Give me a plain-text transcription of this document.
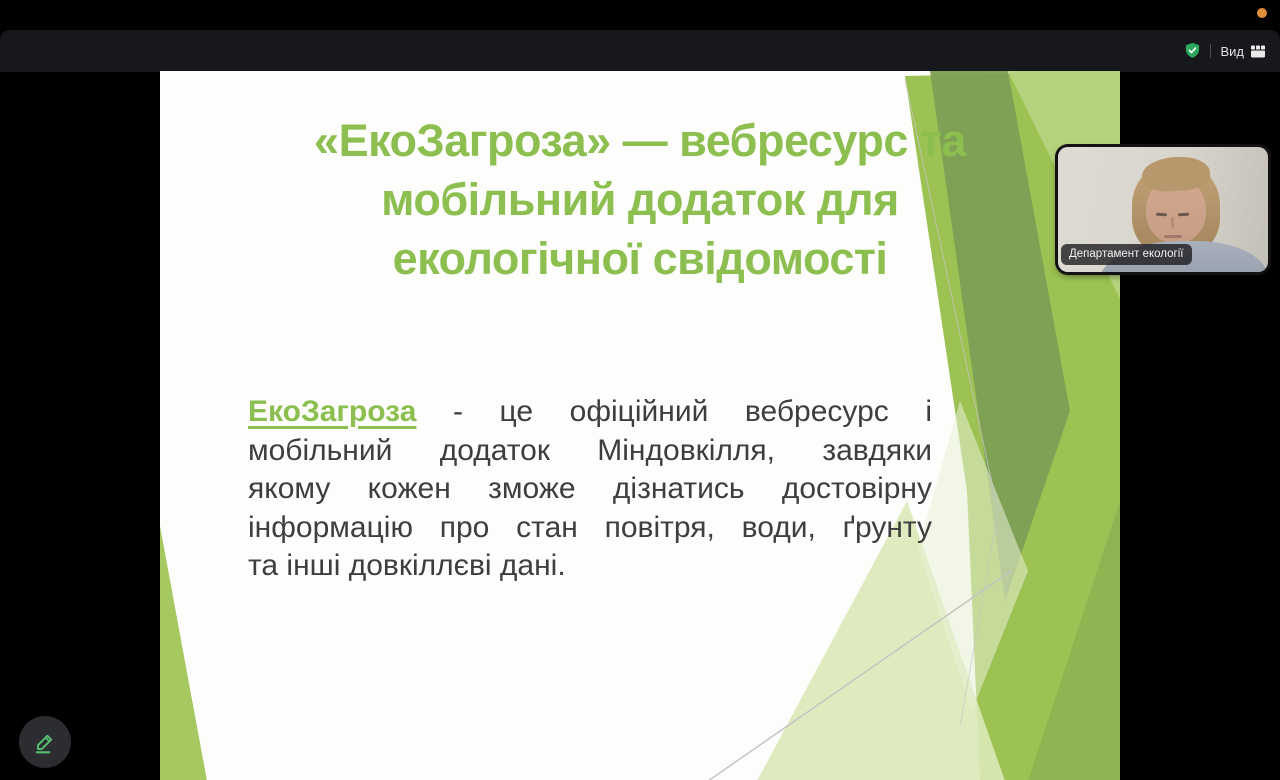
Вид
«ЕкоЗагроза» — вебресурс та
мобільний додаток для
екологічної свідомості
ЕкоЗагроза - це офіційний вебресурс і
мобільний додаток Міндовкілля, завдяки
якому кожен зможе дізнатись достовірну
інформацію про стан повітря, води, ґрунту
та інші довкіллєві дані.
Департамент екології
